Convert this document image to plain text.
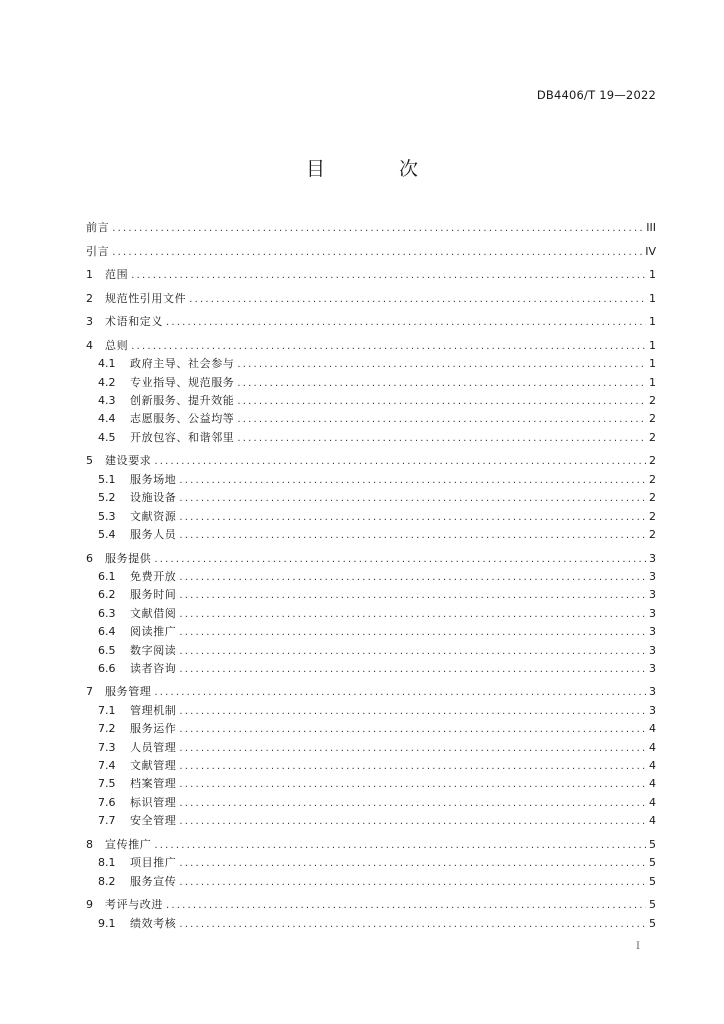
DB4406/T 19—2022
目 次
前言 .....	III
引言 .....	IV
1	范围 .....	1
2	规范性引用文件 .....	1
3	术语和定义 .....	1
4	总则 .....	1
4.1	政府主导、社会参与 .....	1
4.2	专业指导、规范服务 .....	1
4.3	创新服务、提升效能 .....	2
4.4	志愿服务、公益均等 .....	2
4.5	开放包容、和谐邻里 .....	2
5	建设要求 .....	2
5.1	服务场地 .....	2
5.2	设施设备 .....	2
5.3	文献资源 .....	2
5.4	服务人员 .....	2
6	服务提供 .....	3
6.1	免费开放 .....	3
6.2	服务时间 .....	3
6.3	文献借阅 .....	3
6.4	阅读推广 .....	3
6.5	数字阅读 .....	3
6.6	读者咨询 .....	3
7	服务管理 .....	3
7.1	管理机制 .....	3
7.2	服务运作 .....	4
7.3	人员管理 .....	4
7.4	文献管理 .....	4
7.5	档案管理 .....	4
7.6	标识管理 .....	4
7.7	安全管理 .....	4
8	宣传推广 .....	5
8.1	项目推广 .....	5
8.2	服务宣传 .....	5
9	考评与改进 .....	5
9.1	绩效考核 .....	5
I
